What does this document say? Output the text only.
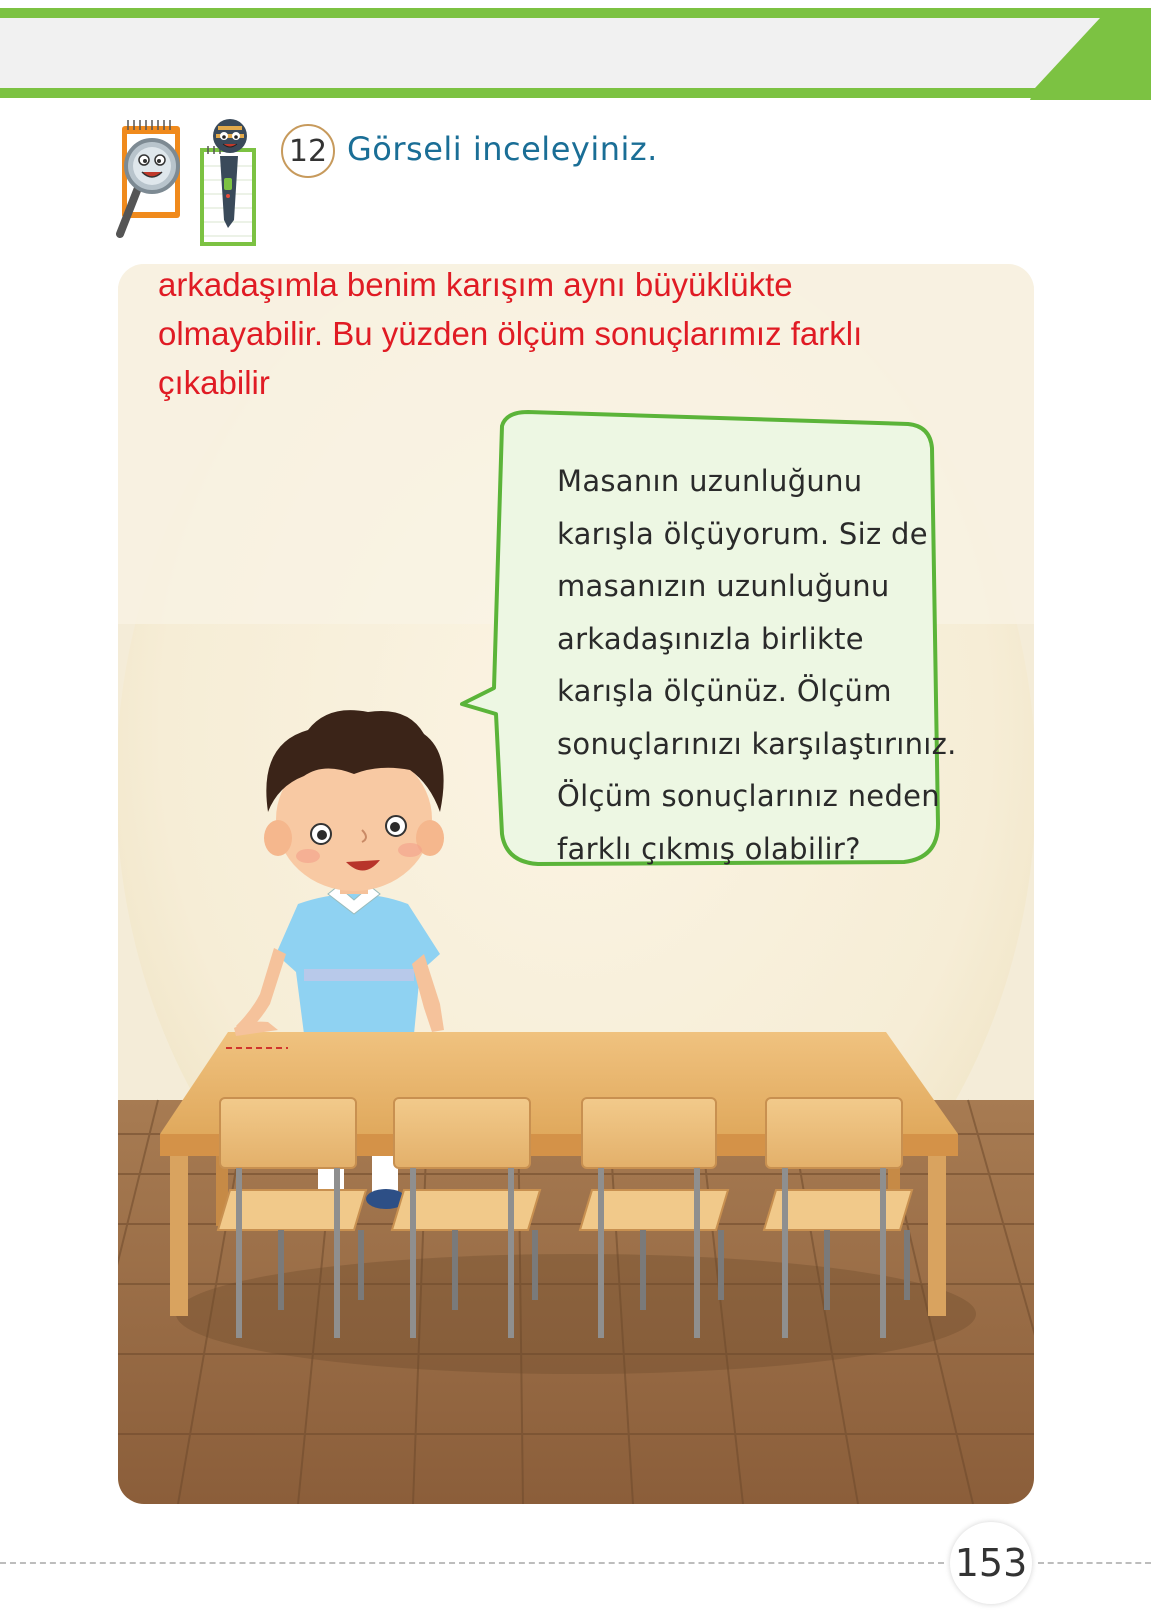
12 Görseli inceleyiniz.
arkadaşımla benim karışım aynı büyüklükte
olmayabilir. Bu yüzden ölçüm sonuçlarımız farklı
çıkabilir
Masanın uzunluğunu
karışla ölçüyorum. Siz de
masanızın uzunluğunu
arkadaşınızla birlikte
karışla ölçünüz. Ölçüm
sonuçlarınızı karşılaştırınız.
Ölçüm sonuçlarınız neden
farklı çıkmış olabilir?
153
